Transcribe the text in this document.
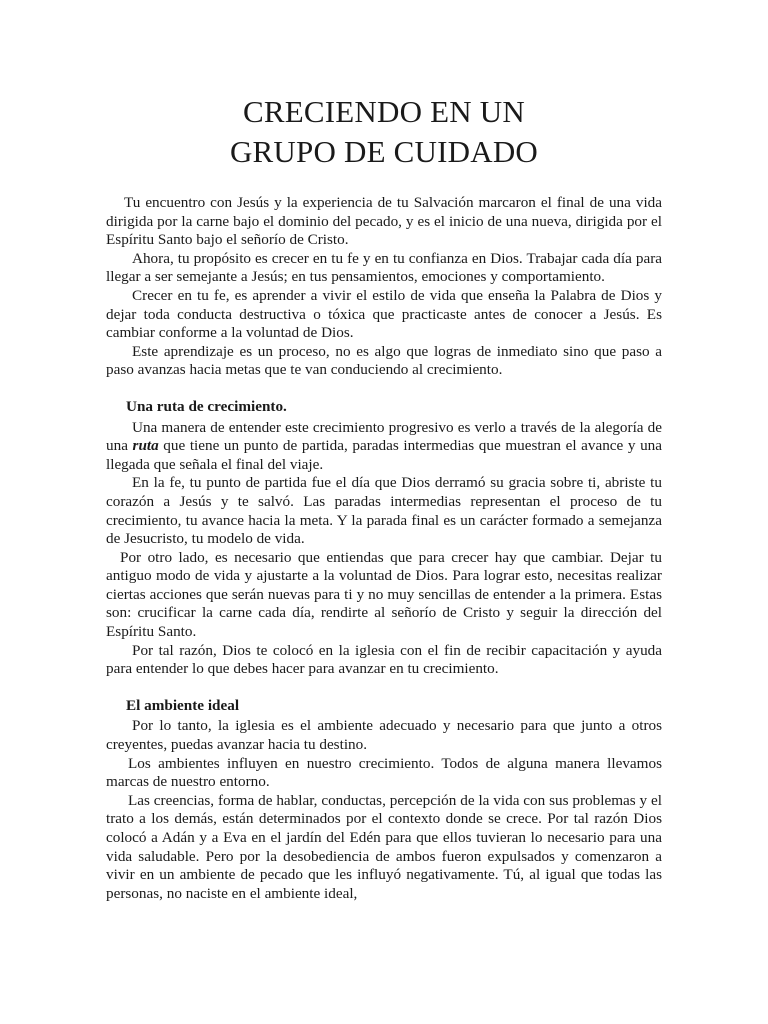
CRECIENDO EN UN
GRUPO DE CUIDADO

Tu encuentro con Jesús y la experiencia de tu Salvación marcaron el final de una vida dirigida por la carne bajo el dominio del pecado, y es el inicio de una nueva, dirigida por el Espíritu Santo bajo el señorío de Cristo.

Ahora, tu propósito es crecer en tu fe y en tu confianza en Dios. Trabajar cada día para llegar a ser semejante a Jesús; en tus pensamientos, emociones y comportamiento.

Crecer en tu fe, es aprender a vivir el estilo de vida que enseña la Palabra de Dios y dejar toda conducta destructiva o tóxica que practicaste antes de conocer a Jesús. Es cambiar conforme a la voluntad de Dios.

Este aprendizaje es un proceso, no es algo que logras de inmediato sino que paso a paso avanzas hacia metas que te van conduciendo al crecimiento.

Una ruta de crecimiento.

Una manera de entender este crecimiento progresivo es verlo a través de la alegoría de una ruta que tiene un punto de partida, paradas intermedias que muestran el avance y una llegada que señala el final del viaje.

En la fe, tu punto de partida fue el día que Dios derramó su gracia sobre ti, abriste tu corazón a Jesús y te salvó. Las paradas intermedias representan el proceso de tu crecimiento, tu avance hacia la meta. Y la parada final es un carácter formado a semejanza de Jesucristo, tu modelo de vida.

Por otro lado, es necesario que entiendas que para crecer hay que cambiar. Dejar tu antiguo modo de vida y ajustarte a la voluntad de Dios. Para lograr esto, necesitas realizar ciertas acciones que serán nuevas para ti y no muy sencillas de entender a la primera. Estas son: crucificar la carne cada día, rendirte al señorío de Cristo y seguir la dirección del Espíritu Santo.

Por tal razón, Dios te colocó en la iglesia con el fin de recibir capacitación y ayuda para entender lo que debes hacer para avanzar en tu crecimiento.

El ambiente ideal

Por lo tanto, la iglesia es el ambiente adecuado y necesario para que junto a otros creyentes, puedas avanzar hacia tu destino.

Los ambientes influyen en nuestro crecimiento. Todos de alguna manera llevamos marcas de nuestro entorno.

Las creencias, forma de hablar, conductas, percepción de la vida con sus problemas y el trato a los demás, están determinados por el contexto donde se crece. Por tal razón Dios colocó a Adán y a Eva en el jardín del Edén para que ellos tuvieran lo necesario para una vida saludable. Pero por la desobediencia de ambos fueron expulsados y comenzaron a vivir en un ambiente de pecado que les influyó negativamente. Tú, al igual que todas las personas, no naciste en el ambiente ideal,
